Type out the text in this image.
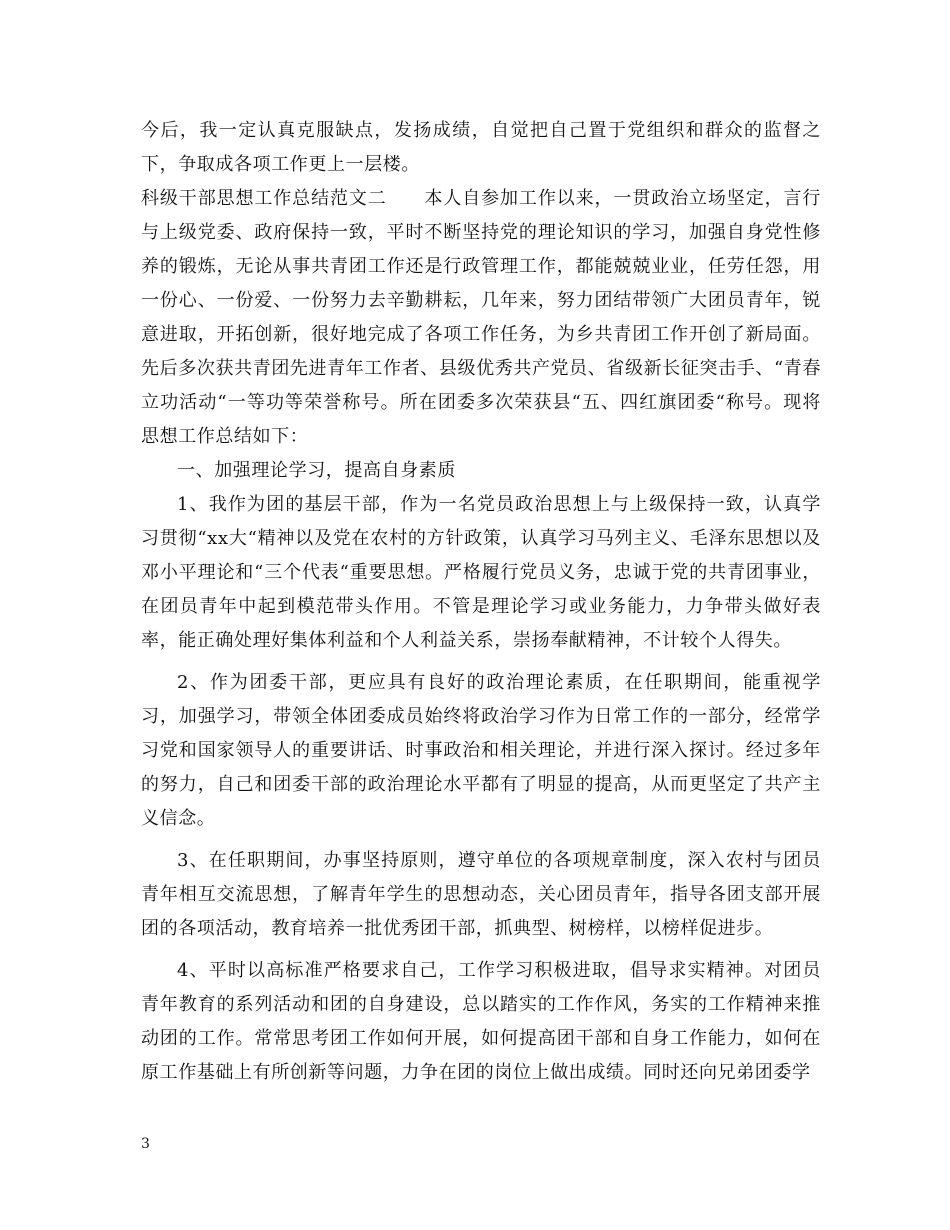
今后，我一定认真克服缺点，发扬成绩，自觉把自己置于党组织和群众的监督之下，争取成各项工作更上一层楼。

科级干部思想工作总结范文二　　本人自参加工作以来，一贯政治立场坚定，言行与上级党委、政府保持一致，平时不断坚持党的理论知识的学习，加强自身党性修养的锻炼，无论从事共青团工作还是行政管理工作，都能兢兢业业，任劳任怨，用一份心、一份爱、一份努力去辛勤耕耘，几年来，努力团结带领广大团员青年，锐意进取，开拓创新，很好地完成了各项工作任务，为乡共青团工作开创了新局面。先后多次获共青团先进青年工作者、县级优秀共产党员、省级新长征突击手、“青春立功活动“一等功等荣誉称号。所在团委多次荣获县“五、四红旗团委“称号。现将思想工作总结如下：

一、加强理论学习，提高自身素质

1、我作为团的基层干部，作为一名党员政治思想上与上级保持一致，认真学习贯彻“xx大“精神以及党在农村的方针政策，认真学习马列主义、毛泽东思想以及邓小平理论和“三个代表“重要思想。严格履行党员义务，忠诚于党的共青团事业，在团员青年中起到模范带头作用。不管是理论学习或业务能力，力争带头做好表率，能正确处理好集体利益和个人利益关系，崇扬奉献精神，不计较个人得失。

2、作为团委干部，更应具有良好的政治理论素质，在任职期间，能重视学习，加强学习，带领全体团委成员始终将政治学习作为日常工作的一部分，经常学习党和国家领导人的重要讲话、时事政治和相关理论，并进行深入探讨。经过多年的努力，自己和团委干部的政治理论水平都有了明显的提高，从而更坚定了共产主义信念。

3、在任职期间，办事坚持原则，遵守单位的各项规章制度，深入农村与团员青年相互交流思想，了解青年学生的思想动态，关心团员青年，指导各团支部开展团的各项活动，教育培养一批优秀团干部，抓典型、树榜样，以榜样促进步。

4、平时以高标准严格要求自己，工作学习积极进取，倡导求实精神。对团员青年教育的系列活动和团的自身建设，总以踏实的工作作风，务实的工作精神来推动团的工作。常常思考团工作如何开展，如何提高团干部和自身工作能力，如何在原工作基础上有所创新等问题，力争在团的岗位上做出成绩。同时还向兄弟团委学

3
